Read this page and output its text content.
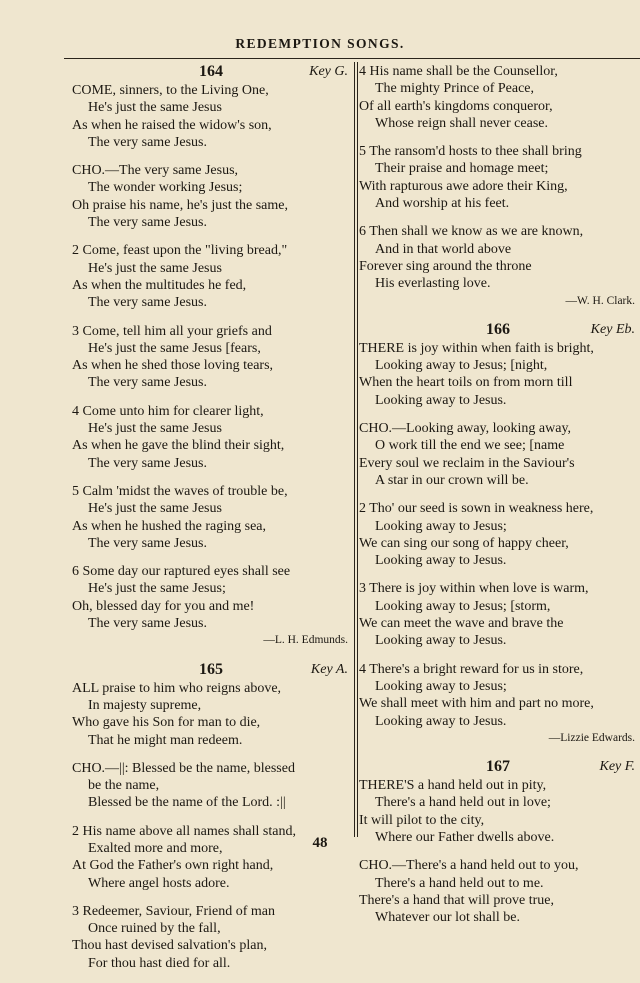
REDEMPTION SONGS.
164	Key G.
COME, sinners, to the Living One,
He's just the same Jesus
As when he raised the widow's son,
The very same Jesus.
CHO.—The very same Jesus,
The wonder working Jesus;
Oh praise his name, he's just the same,
The very same Jesus.
2 Come, feast upon the "living bread,"
He's just the same Jesus
As when the multitudes he fed,
The very same Jesus.
3 Come, tell him all your griefs and
He's just the same Jesus [fears,
As when he shed those loving tears,
The very same Jesus.
4 Come unto him for clearer light,
He's just the same Jesus
As when he gave the blind their sight,
The very same Jesus.
5 Calm 'midst the waves of trouble be,
He's just the same Jesus
As when he hushed the raging sea,
The very same Jesus.
6 Some day our raptured eyes shall see
He's just the same Jesus;
Oh, blessed day for you and me!
The very same Jesus.
—L. H. Edmunds.
165	Key A.
ALL praise to him who reigns above,
In majesty supreme,
Who gave his Son for man to die,
That he might man redeem.
CHO.—||: Blessed be the name, blessed
be the name,
Blessed be the name of the Lord. :||
2 His name above all names shall stand,
Exalted more and more,
At God the Father's own right hand,
Where angel hosts adore.
3 Redeemer, Saviour, Friend of man
Once ruined by the fall,
Thou hast devised salvation's plan,
For thou hast died for all.
4 His name shall be the Counsellor,
The mighty Prince of Peace,
Of all earth's kingdoms conqueror,
Whose reign shall never cease.
5 The ransom'd hosts to thee shall bring
Their praise and homage meet;
With rapturous awe adore their King,
And worship at his feet.
6 Then shall we know as we are known,
And in that world above
Forever sing around the throne
His everlasting love.
—W. H. Clark.
166	Key Eb.
THERE is joy within when faith is bright,
Looking away to Jesus; [night,
When the heart toils on from morn till
Looking away to Jesus.
CHO.—Looking away, looking away,
O work till the end we see; [name
Every soul we reclaim in the Saviour's
A star in our crown will be.
2 Tho' our seed is sown in weakness here,
Looking away to Jesus;
We can sing our song of happy cheer,
Looking away to Jesus.
3 There is joy within when love is warm,
Looking away to Jesus; [storm,
We can meet the wave and brave the
Looking away to Jesus.
4 There's a bright reward for us in store,
Looking away to Jesus;
We shall meet with him and part no more,
Looking away to Jesus.
—Lizzie Edwards.
167	Key F.
THERE'S a hand held out in pity,
There's a hand held out in love;
It will pilot to the city,
Where our Father dwells above.
CHO.—There's a hand held out to you,
There's a hand held out to me.
There's a hand that will prove true,
Whatever our lot shall be.
48
